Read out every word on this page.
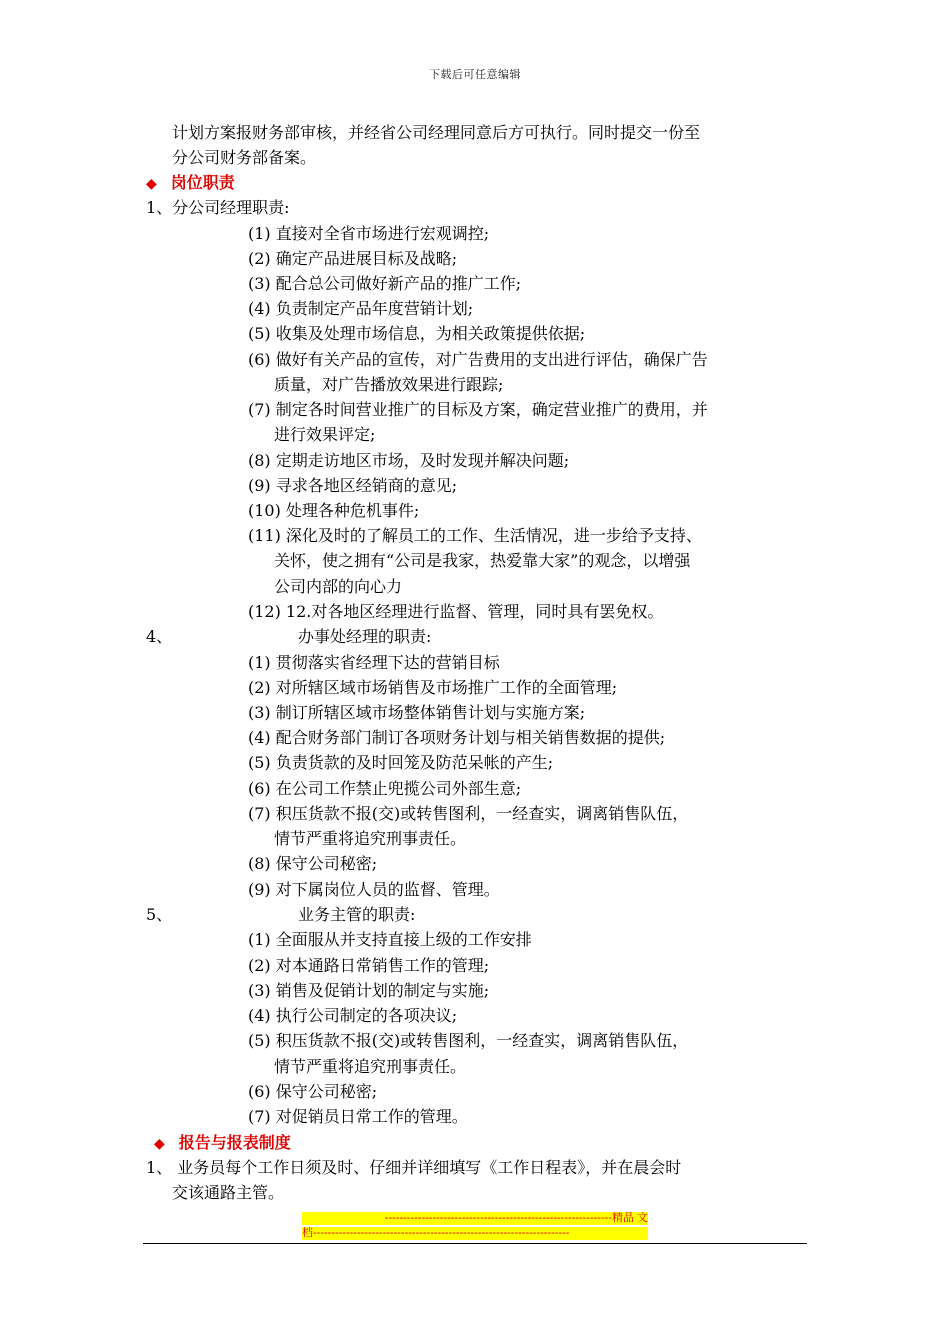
下载后可任意编辑
计划方案报财务部审核，并经省公司经理同意后方可执行。同时提交一份至
分公司财务部备案。
◆ 岗位职责
1、分公司经理职责:
(1) 直接对全省市场进行宏观调控;
(2) 确定产品进展目标及战略;
(3) 配合总公司做好新产品的推广工作;
(4) 负责制定产品年度营销计划;
(5) 收集及处理市场信息，为相关政策提供依据;
(6) 做好有关产品的宣传，对广告费用的支出进行评估，确保广告
质量，对广告播放效果进行跟踪;
(7) 制定各时间营业推广的目标及方案，确定营业推广的费用，并
进行效果评定;
(8) 定期走访地区市场，及时发现并解决问题;
(9) 寻求各地区经销商的意见;
(10) 处理各种危机事件;
(11) 深化及时的了解员工的工作、生活情况，进一步给予支持、
关怀，使之拥有“公司是我家，热爱靠大家”的观念，以增强
公司内部的向心力
(12) 12.对各地区经理进行监督、管理，同时具有罢免权。
4、	办事处经理的职责:
(1) 贯彻落实省经理下达的营销目标
(2) 对所辖区域市场销售及市场推广工作的全面管理;
(3) 制订所辖区域市场整体销售计划与实施方案;
(4) 配合财务部门制订各项财务计划与相关销售数据的提供;
(5) 负责货款的及时回笼及防范呆帐的产生;
(6) 在公司工作禁止兜揽公司外部生意;
(7) 积压货款不报(交)或转售图利，一经查实，调离销售队伍，
情节严重将追究刑事责任。
(8) 保守公司秘密;
(9) 对下属岗位人员的监督、管理。
5、	业务主管的职责:
(1) 全面服从并支持直接上级的工作安排
(2) 对本通路日常销售工作的管理;
(3) 销售及促销计划的制定与实施;
(4) 执行公司制定的各项决议;
(5) 积压货款不报(交)或转售图利，一经查实，调离销售队伍，
情节严重将追究刑事责任。
(6) 保守公司秘密;
(7) 对促销员日常工作的管理。
◆ 报告与报表制度
1、 业务员每个工作日须及时、仔细并详细填写《工作日程表》，并在晨会时
交该通路主管。
--------------------------------------------------------------精品 文
档----------------------------------------------------------------------
